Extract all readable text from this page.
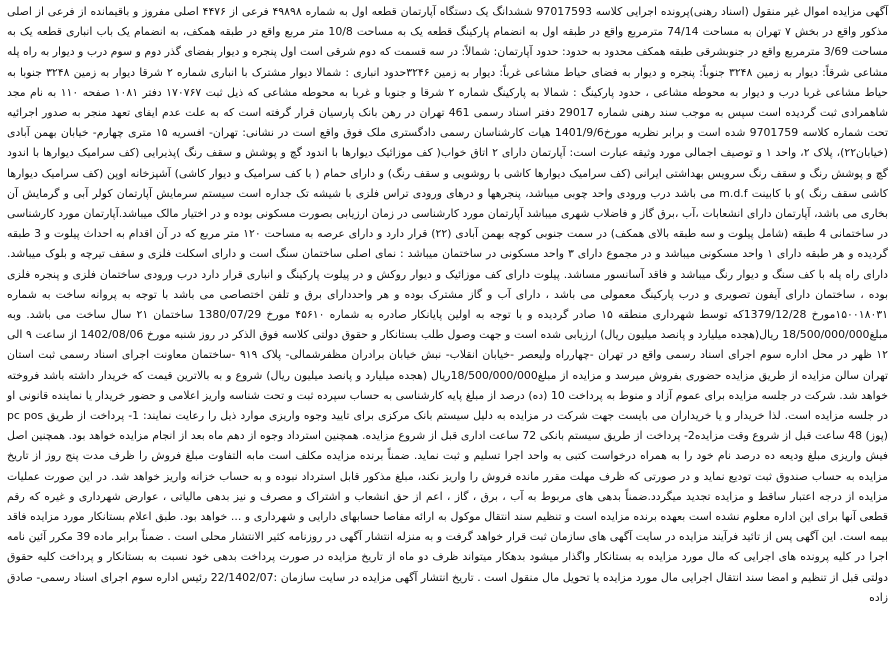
آگهی مزایده اموال غیر منقول (اسناد رهنی)پرونده اجرایی کلاسه 97017593 ششدانگ یک دستگاه آپارتمان قطعه اول به شماره ۴۹۸۹۸ فرعی از ۴۴۷۶ اصلی مفروز و باقیمانده از فرعی از اصلی مذکور واقع در بخش ۷ تهران به مساحت 74/14 مترمربع واقع در طبقه اول به انضمام پارکینگ قطعه یک به مساحت 10/8 متر مربع واقع در طبقه همکف، به انضمام یک باب انباری قطعه یک به مساحت 3/69 مترمربع واقع در جنوبشرقی طبقه همکف محدود به حدود: حدود آپارتمان: شمالاً: در سه قسمت که دوم شرقی است اول پنجره و دیوار بفضای گذر دوم و سوم درب و دیوار به راه پله مشاعی شرقاً: دیوار به زمین ۳۲۴۸ جنوباً: پنجره و دیوار به فضای حیاط مشاعی غرباً: دیوار به زمین ۳۲۴۶حدود انباری : شمالا دیوار مشترک با انباری شماره ۲ شرقا دیوار به زمین ۳۲۴۸ جنوبا به حیاط مشاعی غربا درب و دیوار به محوطه مشاعی ، حدود پارکینگ : شمالا به پارکینگ شماره ۲ شرقا و جنوبا و غربا به محوطه مشاعی که ذیل ثبت ۱۷۰۷۶۷ دفتر ۱۰۸۱ صفحه ۱۱۰ به نام مجد شاهمرادی ثبت گردیده است سپس به موجب سند رهنی شماره 29017 دفتر اسناد رسمی 461 تهران در رهن بانک پارسیان قرار گرفته است که به علت عدم ایفای تعهد منجر به صدور اجرائیه تحت شماره کلاسه 9701759 شده است و برابر نظریه مورخ1401/9/6 هیات کارشناسان رسمی دادگستری ملک فوق واقع است در نشانی: تهران- افسریه ۱۵ متری چهارم- خیابان بهمن آبادی (خیابان۲۲)، پلاک ۲، واحد ۱ و توصیف اجمالی مورد وثیقه عبارت است: آپارتمان دارای ۲ اتاق خواب( کف موزائیک دیوارها با اندود گچ و پوشش و سقف رنگ )پذیرایی (کف سرامیک دیوارها با اندود گچ و پوشش رنگ و سقف رنگ سرویس بهداشتی ایرانی (کف سرامیک دیوارها کاشی با روشویی و سقف رنگ) و دارای حمام ( با کف سرامیک و دیوار کاشی) آشپزخانه اوپن (کف سرامیک دیوارها کاشی سقف رنگ )و با کابینت m.d.f می باشد درب ورودی واحد چوبی میباشد، پنجرهها و درهای ورودی تراس فلزی با شیشه تک جداره است سیستم سرمایش آپارتمان کولر آبی و گرمایش آن بخاری می باشد، آپارتمان دارای انشعابات ،آب ،برق گاز و فاضلاب شهری میباشد آپارتمان مورد کارشناسی در زمان ارزیابی بصورت مسکونی بوده و در اختیار مالک میباشد.آپارتمان مورد کارشناسی در ساختمانی 4 طبقه (شامل پیلوت و سه طبقه بالای همکف) در سمت جنوبی کوچه بهمن آبادی (۲۲) قرار دارد و دارای عرصه به مساحت ۱۲۰ متر مربع که در آن اقدام به احداث پیلوت و 3 طبقه گردیده و هر طبقه دارای ۱ واحد مسکونی میباشد و در مجموع دارای ۳ واحد مسکونی در ساختمان میباشد : نمای اصلی ساختمان سنگ است و دارای اسکلت فلزی و سقف تیرچه و بلوک میباشد. دارای راه پله با کف سنگ و دیوار رنگ میباشد و فاقد آسانسور مساشد. پیلوت دارای کف موزائیک و دیوار روکش و در پیلوت پارکینگ و انباری قرار دارد درب ورودی ساختمان فلزی و پنجره فلزی بوده ، ساختمان دارای آیفون تصویری و درب پارکینگ معمولی می باشد ، دارای آب و گاز مشترک بوده و هر واحددارای برق و تلفن اختصاصی می باشد با توجه به پروانه ساخت به شماره ۱۵۰۰۱۸۰۳۱مورخ 1379/12/28که توسط شهرداری منطقه ۱۵ صادر گردیده و با توجه به اولین پایانکار صادره به شماره ۴۵۶۱۰ مورخ 1380/07/29 ساختمان ۲۱ سال ساخت می باشد. وبه مبلغ18/500/000/000 ریال(هجده میلیارد و پانصد میلیون ریال) ارزیابی شده است و جهت وصول طلب بستانکار و حقوق دولتی کلاسه فوق الذکر در روز شنبه مورخ 1402/08/06 از ساعت ۹ الی ۱۲ ظهر در محل اداره سوم اجرای اسناد رسمی واقع در تهران -چهارراه ولیعصر -خیابان انقلاب- نبش خیابان برادران مظفرشمالی- پلاک ۹۱۹ -ساختمان معاونت اجرای اسناد رسمی ثبت استان تهران سالن مزایده از طریق مزایده حضوری بفروش میرسد و مزایده از مبلغ18/500/000/000ریال (هجده میلیارد و پانصد میلیون ریال) شروع و به بالاترین قیمت که خریدار داشته باشد فروخته خواهد شد. شرکت در جلسه مزایده برای عموم آزاد و منوط به پرداخت 10 (ده) درصد از مبلغ پایه کارشناسی به حساب سپرده ثبت و تحت شناسه واریز اعلامی و حضور خریدار یا نماینده قانونی او در جلسه مزایده است. لذا خریدار و یا خریداران می بایست جهت شرکت در مزایده به دلیل سیستم بانک مرکزی برای تایید وجوه واریزی موارد ذیل را رعایت نمایند: 1- پرداخت از طریق pc pos (پوز) 48 ساعت قبل از شروع وقت مزایده2- پرداخت از طریق سیستم بانکی 72 ساعت اداری قبل از شروع مزایده. همچنین استرداد وجوه از دهم ماه بعد از انجام مزایده خواهد بود. همچنین اصل فیش واریزی مبلغ ودیعه ده درصد نام خود را به همراه درخواست کتبی به واحد اجرا تسلیم و ثبت نماید. ضمناً برنده مزایده مکلف است مابه التفاوت مبلغ فروش را ظرف مدت پنج روز از تاریخ مزایده به حساب صندوق ثبت تودیع نماید و در صورتی که ظرف مهلت مقرر مانده فروش را واریز نکند، مبلغ مذکور قابل استرداد نبوده و به حساب خزانه واریز خواهد شد. در این صورت عملیات مزایده از درجه اعتبار ساقط و مزایده تجدید میگردد.ضمناً بدهی های مربوط به آب ، برق ، گاز ، اعم از حق انشعاب و اشتراک و مصرف و نیز بدهی مالیاتی ، عوارض شهرداری و غیره که رقم قطعی آنها برای این اداره معلوم نشده است بعهده برنده مزایده است و تنظیم سند انتقال موکول به ارائه مفاصا حسابهای دارایی و شهرداری و ... خواهد بود. طبق اعلام بستانکار مورد مزایده فاقد بیمه است. این آگهی پس از تائید فرآیند مزایده در سایت آگهی های سازمان ثبت قرار خواهد گرفت و به منزله انتشار آگهی در روزنامه کثیر الانتشار محلی است . ضمناً برابر ماده 39 مکرر آئین نامه اجرا در کلیه پرونده های اجرایی که مال مورد مزایده به بستانکار واگذار میشود بدهکار میتواند ظرف دو ماه از تاریخ مزایده در صورت پرداخت بدهی خود نسبت به بستانکار و پرداخت کلیه حقوق دولتی قبل از تنظیم و امضا سند انتقال اجرایی مال مورد مزایده یا تحویل مال منقول است . تاریخ انتشار آگهی مزایده در سایت سازمان :22/1402/07 رئیس اداره سوم اجرای اسناد رسمی- صادق زاده
